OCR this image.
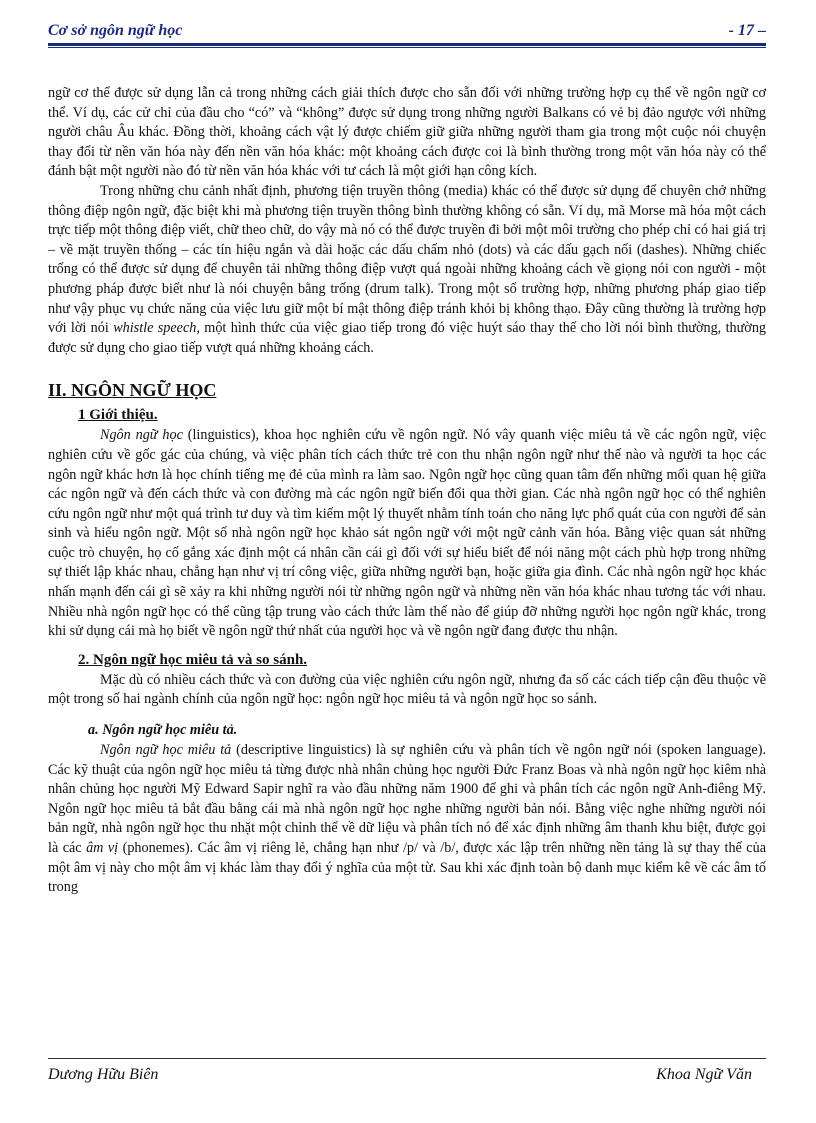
Cơ sở ngôn ngữ học	- 17 –

ngữ cơ thể được sử dụng lẫn cả trong những cách giải thích được cho sẵn đối với những trường hợp cụ thể về ngôn ngữ cơ thể. Ví dụ, các cử chỉ của đầu cho “có” và “không” được sử dụng trong những người Balkans có vẻ bị đảo ngược với những người châu Âu khác. Đồng thời, khoảng cách vật lý được chiếm giữ giữa những người tham gia trong một cuộc nói chuyện thay đổi từ nền văn hóa này đến nền văn hóa khác: một khoảng cách được coi là bình thường trong một văn hóa này có thể đánh bật một người nào đó từ nền văn hóa khác với tư cách là một giới hạn công kích.

Trong những chu cảnh nhất định, phương tiện truyền thông (media) khác có thể được sử dụng để chuyên chở những thông điệp ngôn ngữ, đặc biệt khi mà phương tiện truyền thông bình thường không có sẵn. Ví dụ, mã Morse mã hóa một cách trực tiếp một thông điệp viết, chữ theo chữ, do vậy mà nó có thể được truyền đi bởi một môi trường cho phép chỉ có hai giá trị – về mặt truyền thống – các tín hiệu ngắn và dài hoặc các dấu chấm nhỏ (dots) và các dấu gạch nối (dashes). Những chiếc trống có thể được sử dụng để chuyên tải những thông điệp vượt quá ngoài những khoảng cách về giọng nói con người - một phương pháp được biết như là nói chuyện bằng trống (drum talk). Trong một số trường hợp, những phương pháp giao tiếp như vậy phục vụ chức năng của việc lưu giữ một bí mật thông điệp tránh khỏi bị không thạo. Đây cũng thường là trường hợp với lời nói whistle speech, một hình thức của việc giao tiếp trong đó việc huýt sáo thay thế cho lời nói bình thường, thường được sử dụng cho giao tiếp vượt quá những khoảng cách.

II. NGÔN NGỮ HỌC
1 Giới thiệu.

Ngôn ngữ học (linguistics), khoa học nghiên cứu về ngôn ngữ. Nó vây quanh việc miêu tả về các ngôn ngữ, việc nghiên cứu về gốc gác của chúng, và việc phân tích cách thức trẻ con thu nhận ngôn ngữ như thế nào và người ta học các ngôn ngữ khác hơn là học chính tiếng mẹ đẻ của mình ra làm sao. Ngôn ngữ học cũng quan tâm đến những mối quan hệ giữa các ngôn ngữ và đến cách thức và con đường mà các ngôn ngữ biến đổi qua thời gian. Các nhà ngôn ngữ học có thể nghiên cứu ngôn ngữ như một quá trình tư duy và tìm kiếm một lý thuyết nhằm tính toán cho năng lực phổ quát của con người để sản sinh và hiểu ngôn ngữ. Một số nhà ngôn ngữ học khảo sát ngôn ngữ với một ngữ cảnh văn hóa. Bằng việc quan sát những cuộc trò chuyện, họ cố gắng xác định một cá nhân cần cái gì đối với sự hiểu biết để nói năng một cách phù hợp trong những sự thiết lập khác nhau, chẳng hạn như vị trí công việc, giữa những người bạn, hoặc giữa gia đình. Các nhà ngôn ngữ học khác nhấn mạnh đến cái gì sẽ xảy ra khi những người nói từ những ngôn ngữ và những nền văn hóa khác nhau tương tác với nhau. Nhiều nhà ngôn ngữ học có thể cũng tập trung vào cách thức làm thế nào để giúp đỡ những người học ngôn ngữ khác, trong khi sử dụng cái mà họ biết về ngôn ngữ thứ nhất của người học và về ngôn ngữ đang được thu nhận.

2. Ngôn ngữ học miêu tả và so sánh.

Mặc dù có nhiều cách thức và con đường của việc nghiên cứu ngôn ngữ, nhưng đa số các cách tiếp cận đều thuộc về một trong số hai ngành chính của ngôn ngữ học: ngôn ngữ học miêu tả và ngôn ngữ học so sánh.

a. Ngôn ngữ học miêu tả.

Ngôn ngữ học miêu tả (descriptive linguistics) là sự nghiên cứu và phân tích về ngôn ngữ nói (spoken language). Các kỹ thuật của ngôn ngữ học miêu tả từng được nhà nhân chủng học người Đức Franz Boas và nhà ngôn ngữ học kiêm nhà nhân chủng học người Mỹ Edward Sapir nghĩ ra vào đầu những năm 1900 để ghi và phân tích các ngôn ngữ Anh-điêng Mỹ. Ngôn ngữ học miêu tả bắt đầu bằng cái mà nhà ngôn ngữ học nghe những người bản nói. Bằng việc nghe những người nói bản ngữ, nhà ngôn ngữ học thu nhặt một chỉnh thể về dữ liệu và phân tích nó để xác định những âm thanh khu biệt, được gọi là các âm vị (phonemes). Các âm vị riêng lẻ, chẳng hạn như /p/ và /b/, được xác lập trên những nền tảng là sự thay thế của một âm vị này cho một âm vị khác làm thay đổi ý nghĩa của một từ. Sau khi xác định toàn bộ danh mục kiểm kê về các âm tố trong

Dương Hữu Biên	Khoa Ngữ Văn
